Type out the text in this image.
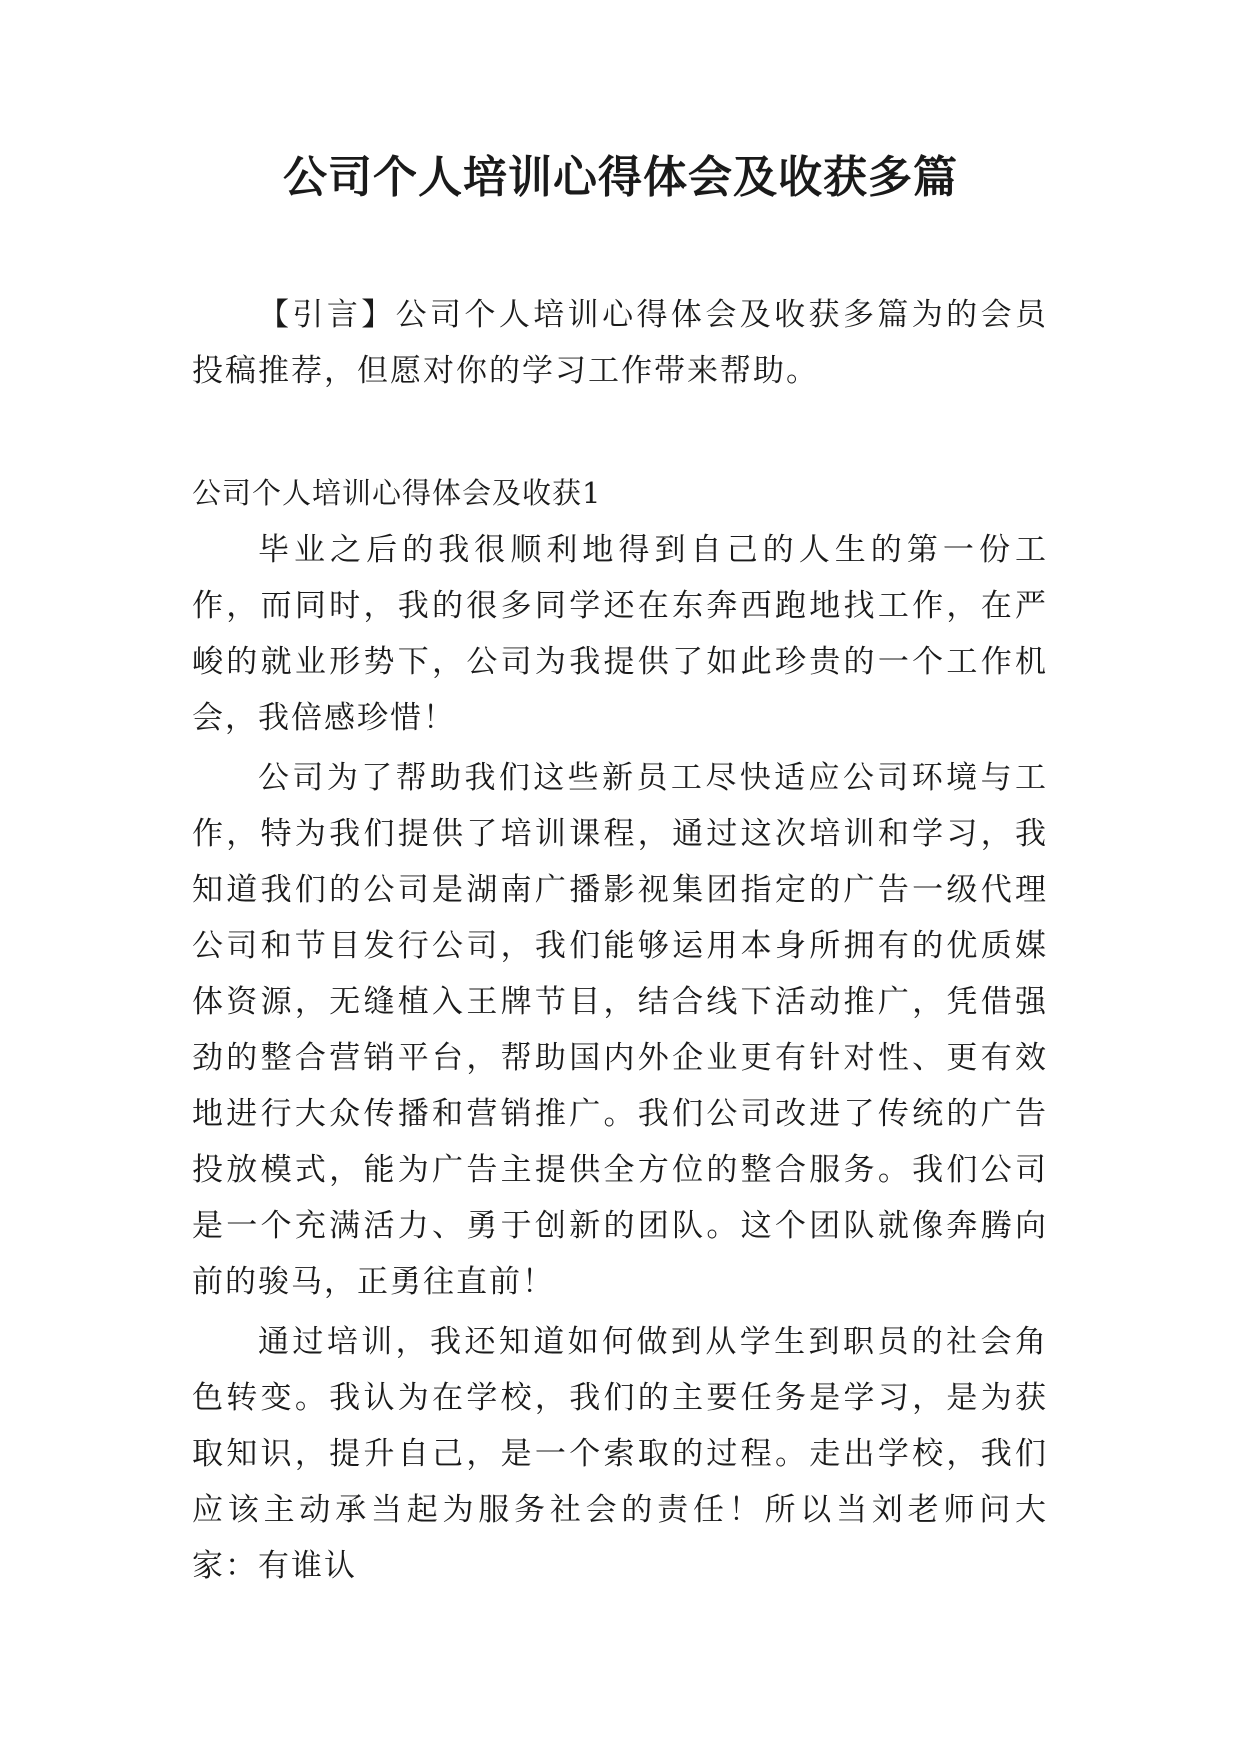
公司个人培训心得体会及收获多篇

【引言】公司个人培训心得体会及收获多篇为的会员投稿推荐，但愿对你的学习工作带来帮助。

公司个人培训心得体会及收获1

毕业之后的我很顺利地得到自己的人生的第一份工作，而同时，我的很多同学还在东奔西跑地找工作，在严峻的就业形势下，公司为我提供了如此珍贵的一个工作机会，我倍感珍惜！

公司为了帮助我们这些新员工尽快适应公司环境与工作，特为我们提供了培训课程，通过这次培训和学习，我知道我们的公司是湖南广播影视集团指定的广告一级代理公司和节目发行公司，我们能够运用本身所拥有的优质媒体资源，无缝植入王牌节目，结合线下活动推广，凭借强劲的整合营销平台，帮助国内外企业更有针对性、更有效地进行大众传播和营销推广。我们公司改进了传统的广告投放模式，能为广告主提供全方位的整合服务。我们公司是一个充满活力、勇于创新的团队。这个团队就像奔腾向前的骏马，正勇往直前！

通过培训，我还知道如何做到从学生到职员的社会角色转变。我认为在学校，我们的主要任务是学习，是为获取知识，提升自己，是一个索取的过程。走出学校，我们应该主动承当起为服务社会的责任！所以当刘老师问大家：有谁认
